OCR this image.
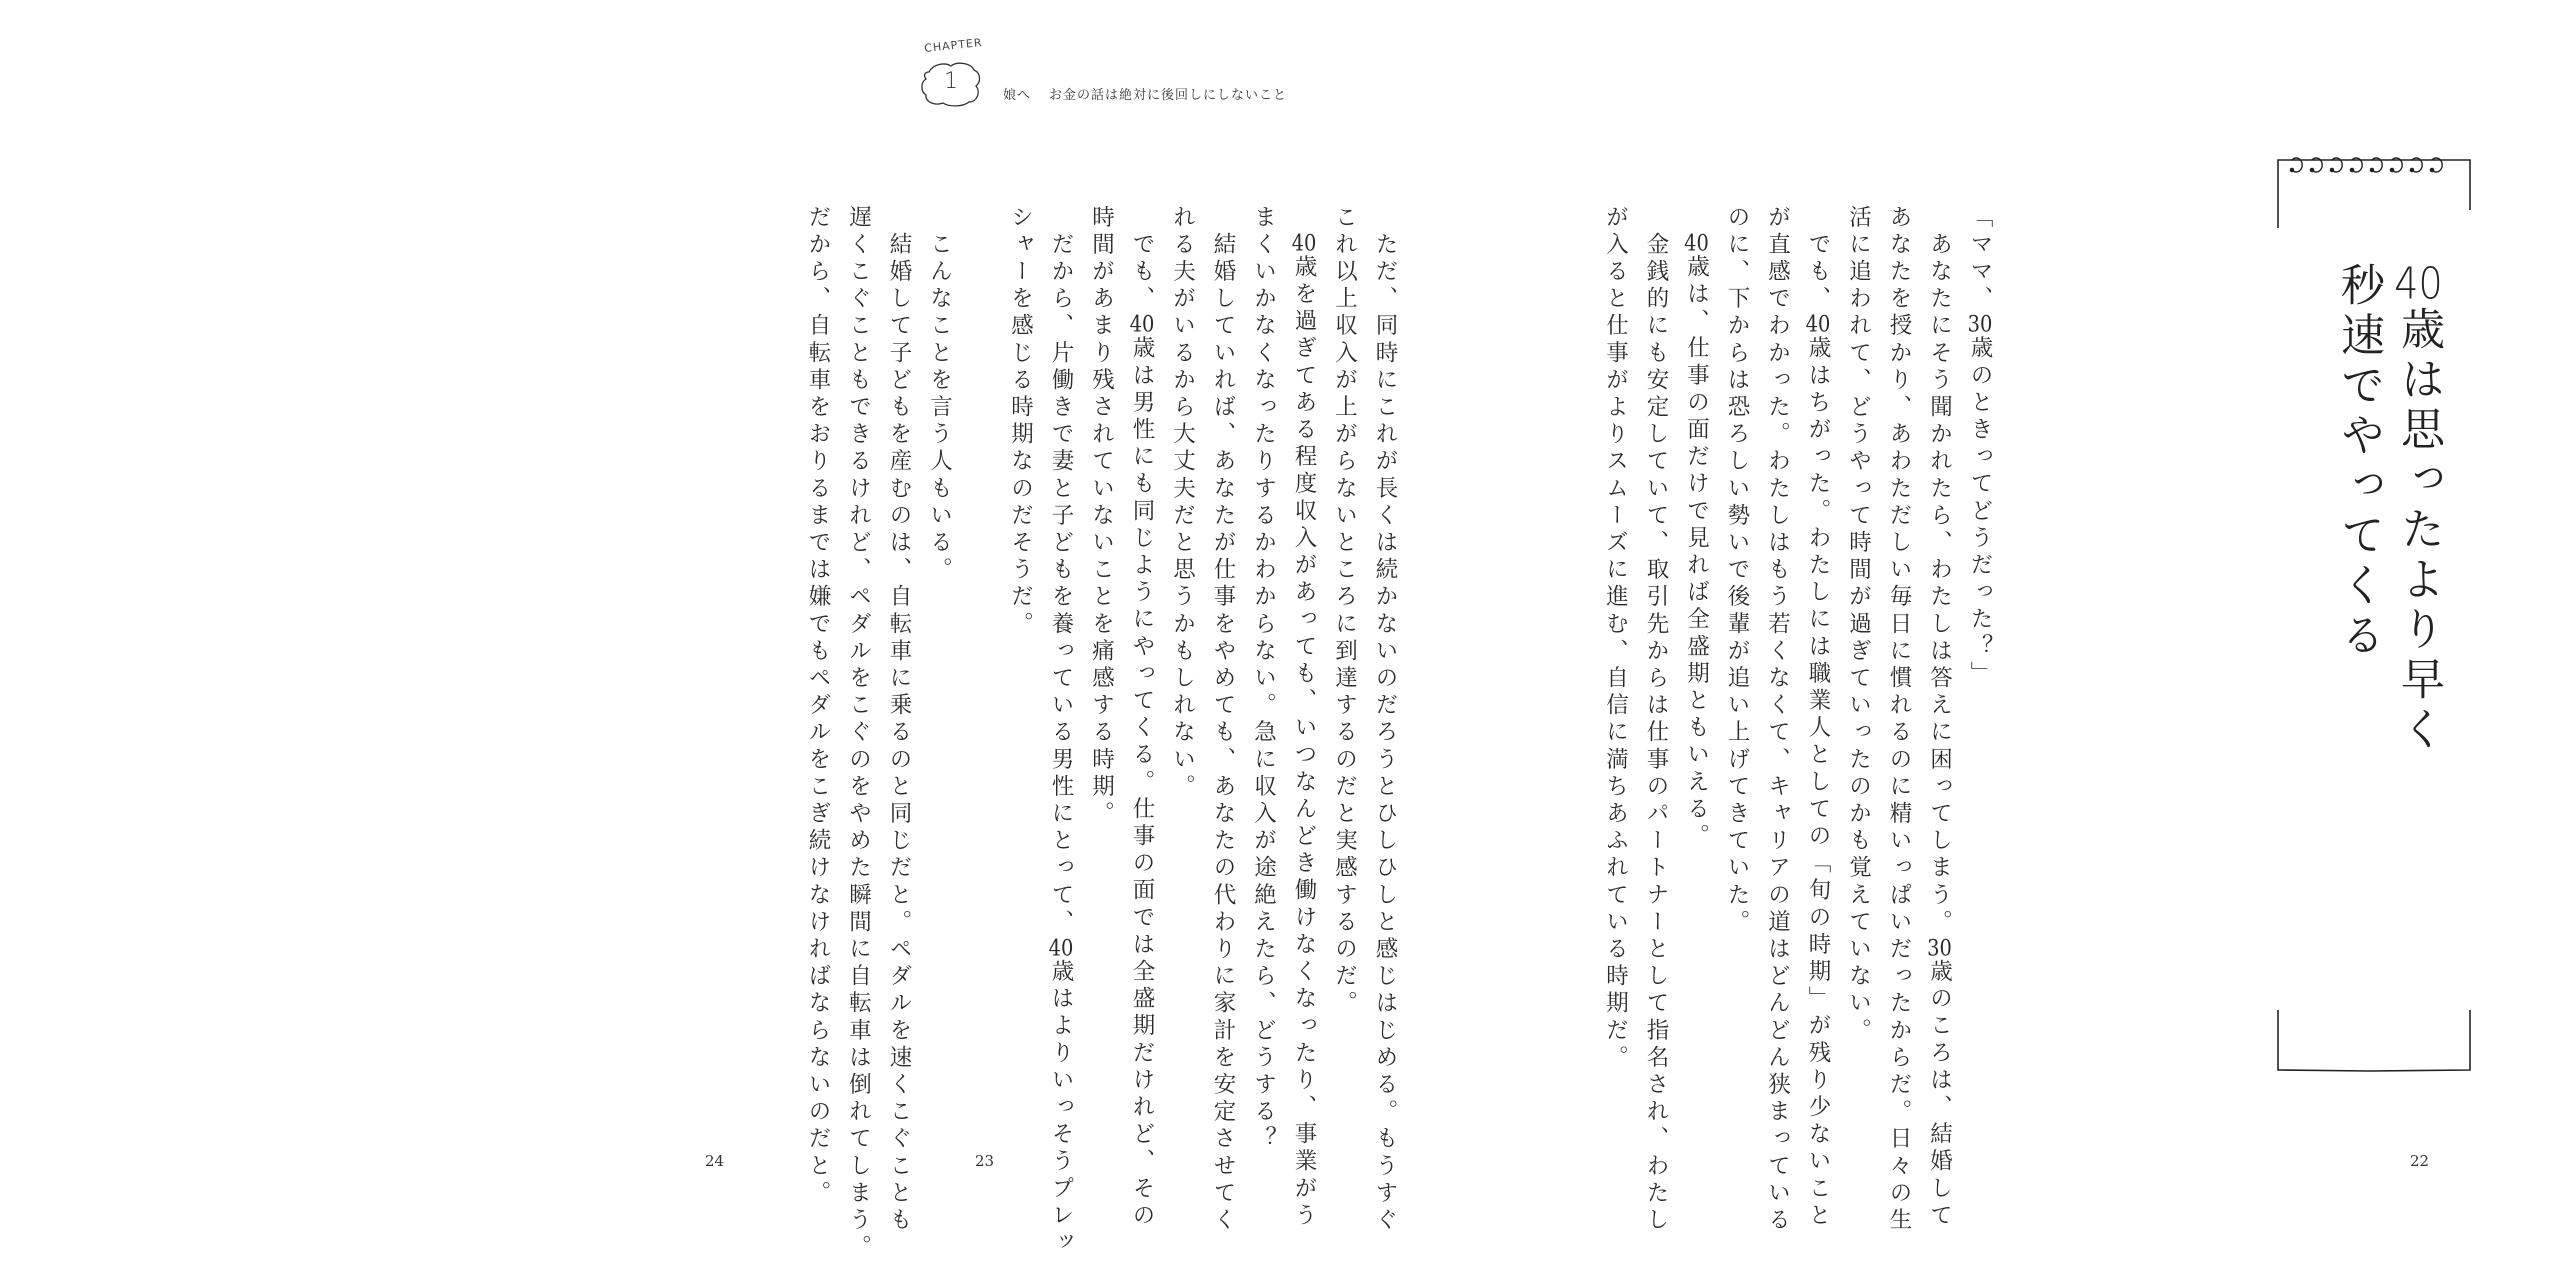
CHAPTER
1
娘へ お金の話は絶対に後回しにしないこと

24	　ただ、同時にこれが長くは続かないのだろうとひしひしと感じはじめる。もうすぐ
これ以上収入が上がらないところに到達するのだと実感するのだ。
　40歳を過ぎてある程度収入があっても、いつなんどき働けなくなったり、事業がう
まくいかなくなったりするかわからない。急に収入が途絶えたら、どうする？
　結婚していれば、あなたが仕事をやめても、あなたの代わりに家計を安定させてく
れる夫がいるから大丈夫だと思うかもしれない。
　でも、40歳は男性にも同じようにやってくる。仕事の面では全盛期だけれど、その
時間があまり残されていないことを痛感する時期。
　だから、片働きで妻と子どもを養っている男性にとって、40歳はよりいっそうプレッ
シャーを感じる時期なのだそうだ。

　こんなことを言う人もいる。
　結婚して子どもを産むのは、自転車に乗るのと同じだと。ペダルを速くこぐことも
遅くこぐこともできるけれど、ペダルをこぐのをやめた瞬間に自転車は倒れてしまう。
だから、自転車をおりるまでは嫌でもペダルをこぎ続けなければならないのだと。	23
「ママ、30歳のときってどうだった？」
　あなたにそう聞かれたら、わたしは答えに困ってしまう。30歳のころは、結婚して
あなたを授かり、あわただしい毎日に慣れるのに精いっぱいだったからだ。日々の生
活に追われて、どうやって時間が過ぎていったのかも覚えていない。
　でも、40歳はちがった。わたしには職業人としての「旬の時期」が残り少ないこと
が直感でわかった。わたしはもう若くなくて、キャリアの道はどんどん狭まっている
のに、下からは恐ろしい勢いで後輩が追い上げてきていた。
　40歳は、仕事の面だけで見れば全盛期ともいえる。
　金銭的にも安定していて、取引先からは仕事のパートナーとして指名され、わたし
が入ると仕事がよりスムーズに進む、自信に満ちあふれている時期だ。
22
40歳は思ったより早く
秒速でやってくる
